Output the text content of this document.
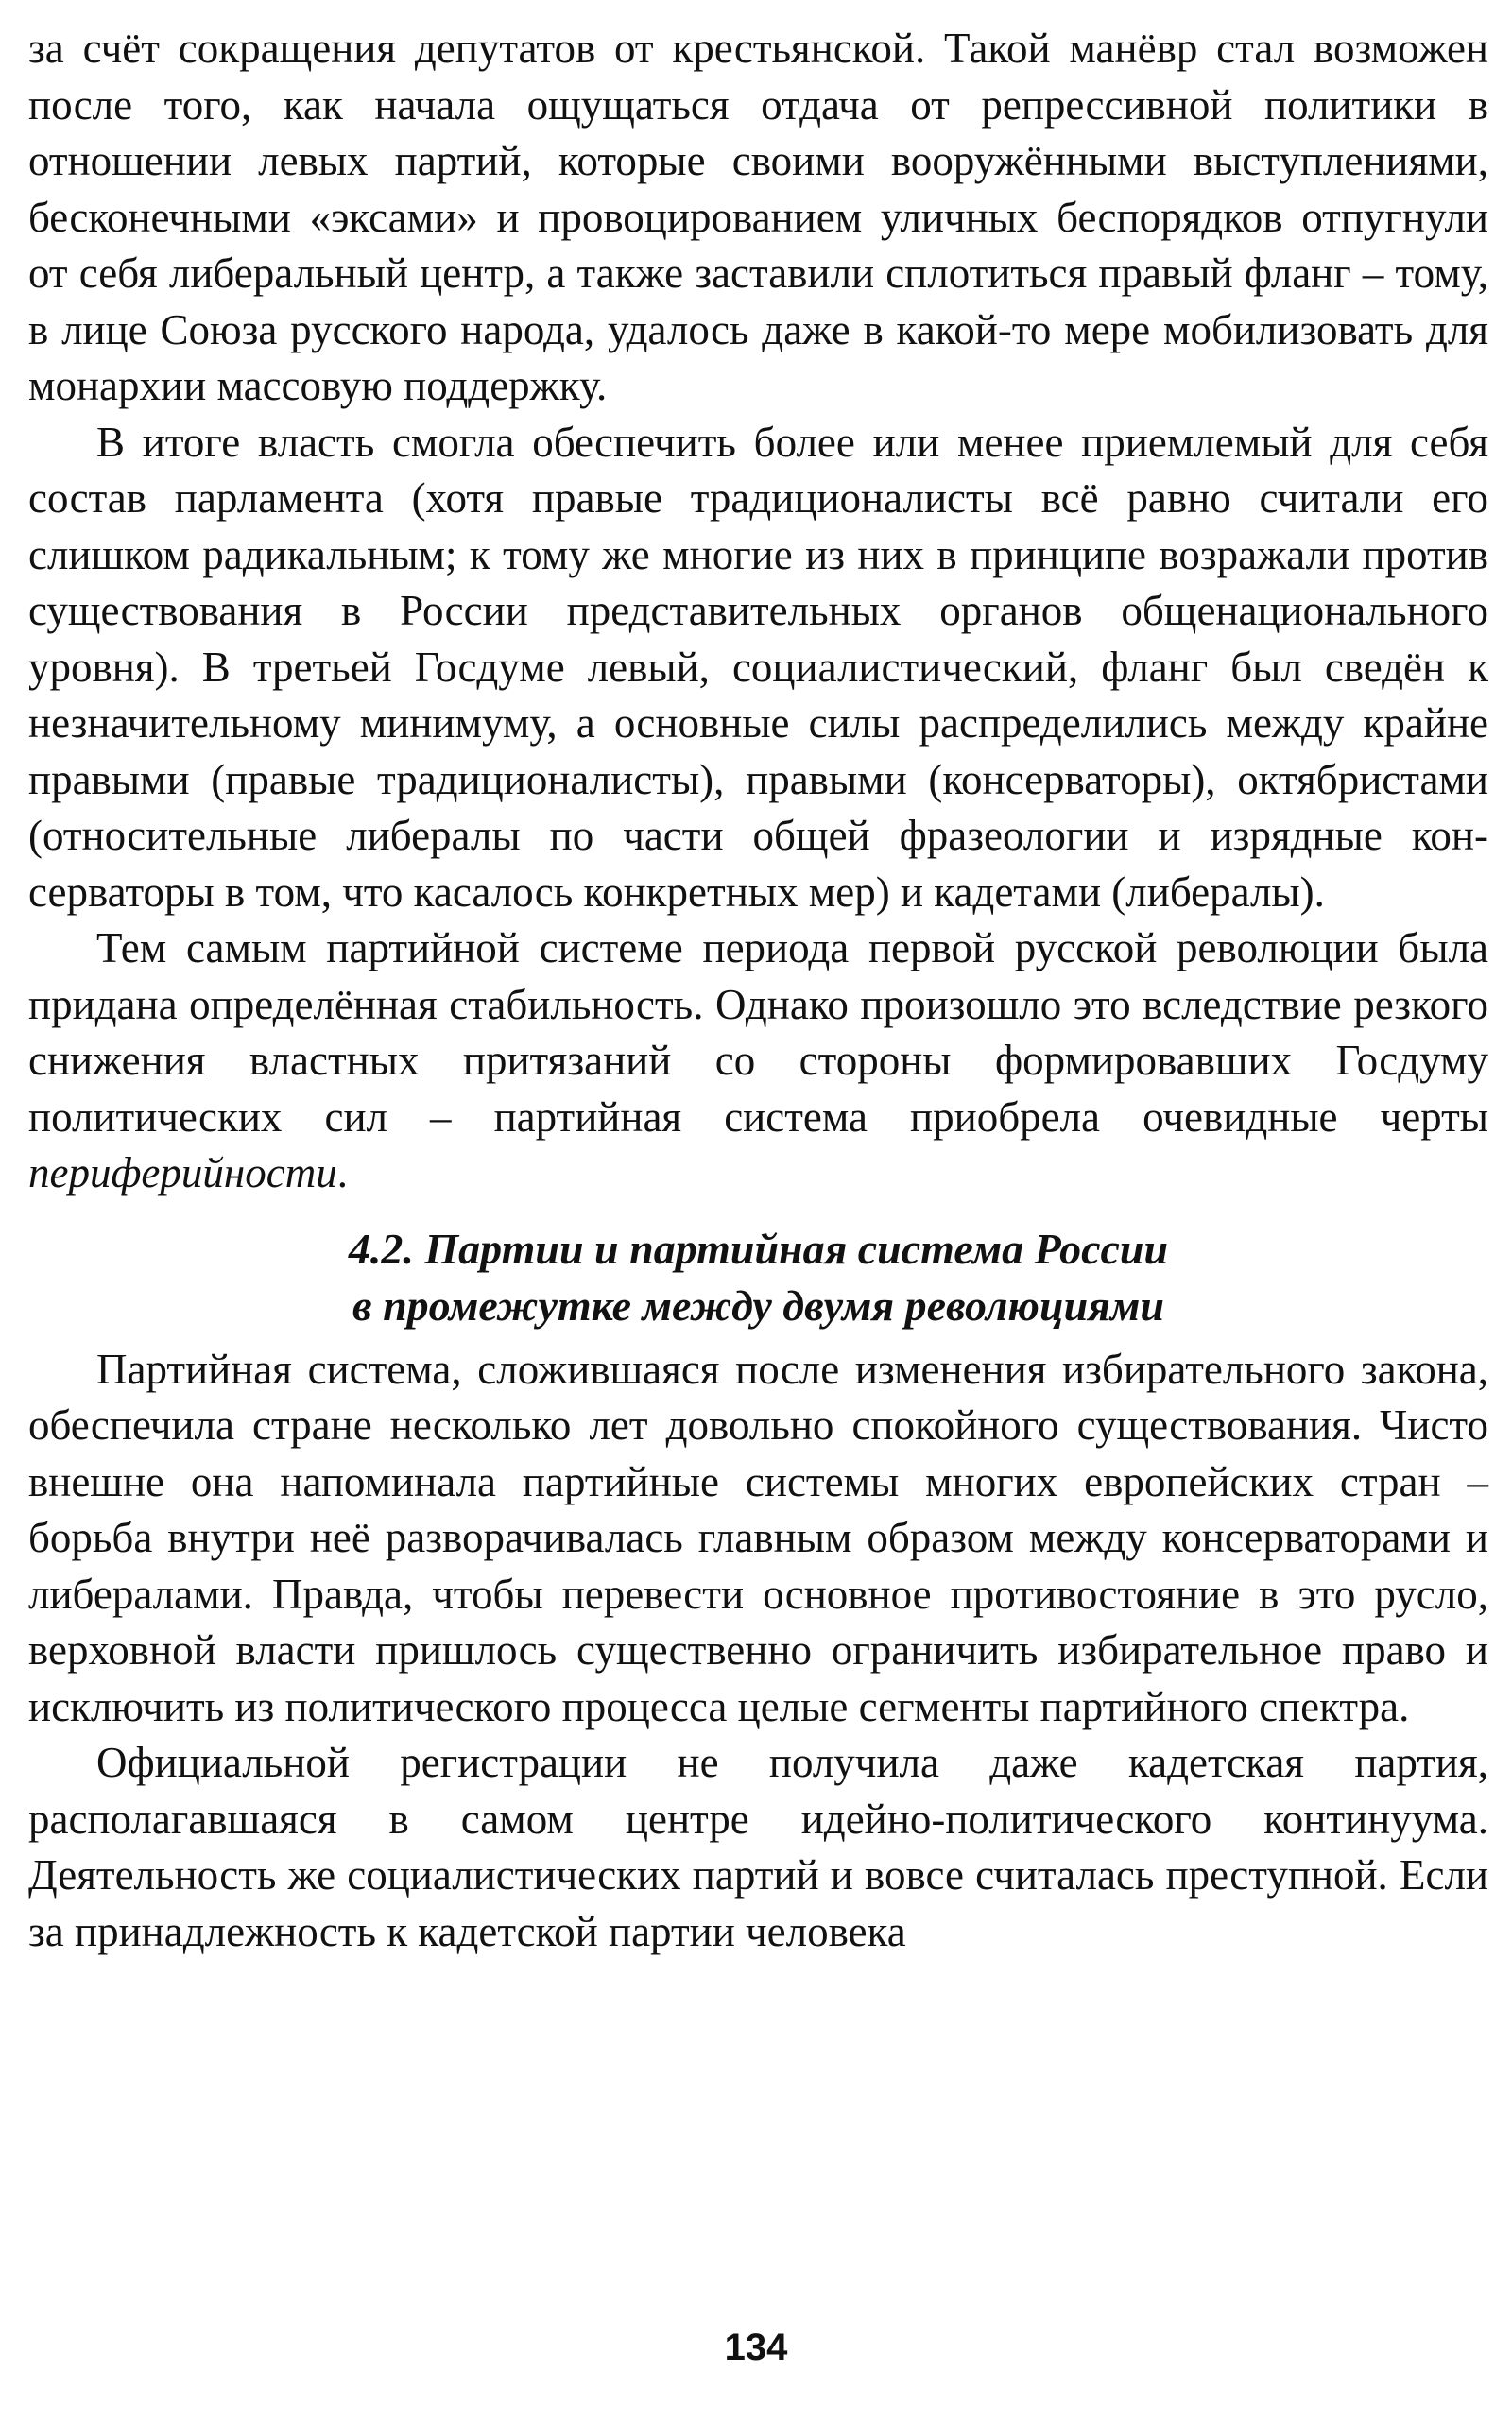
за счёт сокращения депутатов от крестьянской. Такой манёвр стал возможен после того, как начала ощущаться отдача от репрессивной политики в отношении левых партий, которые своими вооружёнными выступлениями, бесконечными «эксами» и провоцированием уличных беспорядков отпугнули от себя либеральный центр, а также заставили сплотиться правый фланг – тому, в лице Союза русского народа, удалось даже в какой-то мере мобилизовать для монархии массовую поддержку.

В итоге власть смогла обеспечить более или менее приемлемый для себя состав парламента (хотя правые традиционалисты всё равно считали его слишком радикальным; к тому же многие из них в принципе возражали против существования в России представительных органов общенационального уровня). В третьей Госдуме левый, социалистический, фланг был сведён к незначительному минимуму, а основные силы распределились между крайне правыми (правые традиционалисты), правыми (консерваторы), октябристами (относительные либералы по части общей фразеологии и изрядные консерваторы в том, что касалось конкретных мер) и кадетами (либералы).

Тем самым партийной системе периода первой русской революции была придана определённая стабильность. Однако произошло это вследствие резкого снижения властных притязаний со стороны формировавших Госдуму политических сил – партийная система приобрела очевидные черты периферийности.

4.2. Партии и партийная система России
в промежутке между двумя революциями

Партийная система, сложившаяся после изменения избирательного закона, обеспечила стране несколько лет довольно спокойного существования. Чисто внешне она напоминала партийные системы многих европейских стран – борьба внутри неё разворачивалась главным образом между консерваторами и либералами. Правда, чтобы перевести основное противостояние в это русло, верховной власти пришлось существенно ограничить избирательное право и исключить из политического процесса целые сегменты партийного спектра.

Официальной регистрации не получила даже кадетская партия, располагавшаяся в самом центре идейно-политического континуума. Деятельность же социалистических партий и вовсе считалась преступной. Если за принадлежность к кадетской партии человека

134
